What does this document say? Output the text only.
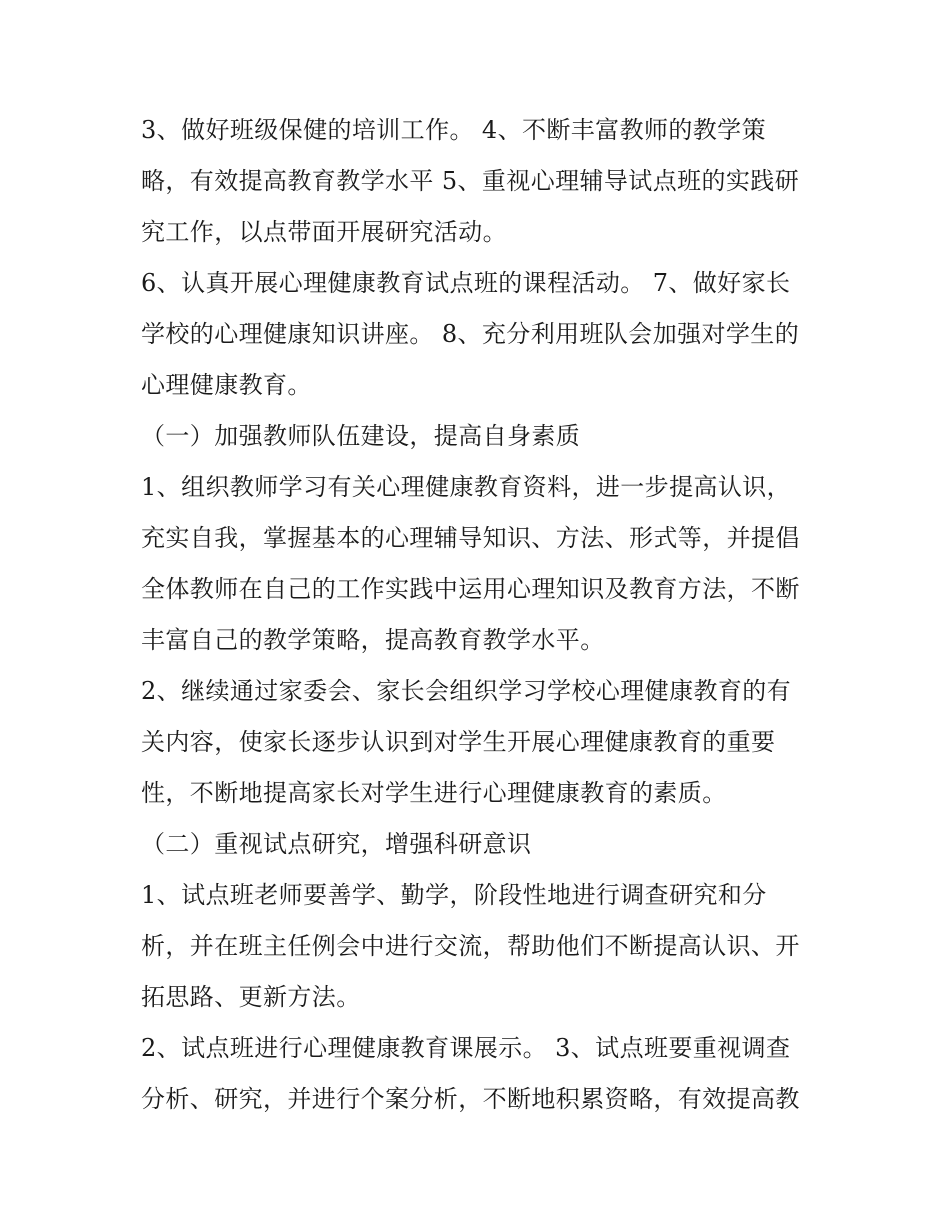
3、做好班级保健的培训工作。 4、不断丰富教师的教学策
略，有效提高教育教学水平 5、重视心理辅导试点班的实践研
究工作，以点带面开展研究活动。
6、认真开展心理健康教育试点班的课程活动。 7、做好家长
学校的心理健康知识讲座。 8、充分利用班队会加强对学生的
心理健康教育。
（一）加强教师队伍建设，提高自身素质
1、组织教师学习有关心理健康教育资料，进一步提高认识，
充实自我，掌握基本的心理辅导知识、方法、形式等，并提倡
全体教师在自己的工作实践中运用心理知识及教育方法，不断
丰富自己的教学策略，提高教育教学水平。
2、继续通过家委会、家长会组织学习学校心理健康教育的有
关内容，使家长逐步认识到对学生开展心理健康教育的重要
性，不断地提高家长对学生进行心理健康教育的素质。
（二）重视试点研究，增强科研意识
1、试点班老师要善学、勤学，阶段性地进行调查研究和分
析，并在班主任例会中进行交流，帮助他们不断提高认识、开
拓思路、更新方法。
2、试点班进行心理健康教育课展示。 3、试点班要重视调查
分析、研究，并进行个案分析，不断地积累资略，有效提高教
